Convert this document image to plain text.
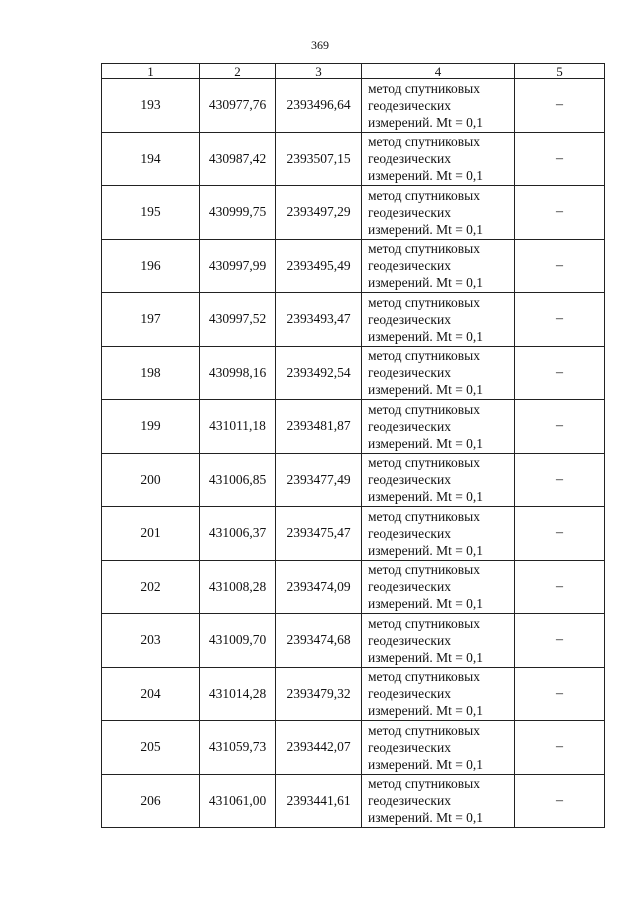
369
1	2	3	4	5
193	430977,76	2393496,64	метод спутниковых геодезических измерений. Mt = 0,1	–
194	430987,42	2393507,15	метод спутниковых геодезических измерений. Mt = 0,1	–
195	430999,75	2393497,29	метод спутниковых геодезических измерений. Mt = 0,1	–
196	430997,99	2393495,49	метод спутниковых геодезических измерений. Mt = 0,1	–
197	430997,52	2393493,47	метод спутниковых геодезических измерений. Mt = 0,1	–
198	430998,16	2393492,54	метод спутниковых геодезических измерений. Mt = 0,1	–
199	431011,18	2393481,87	метод спутниковых геодезических измерений. Mt = 0,1	–
200	431006,85	2393477,49	метод спутниковых геодезических измерений. Mt = 0,1	–
201	431006,37	2393475,47	метод спутниковых геодезических измерений. Mt = 0,1	–
202	431008,28	2393474,09	метод спутниковых геодезических измерений. Mt = 0,1	–
203	431009,70	2393474,68	метод спутниковых геодезических измерений. Mt = 0,1	–
204	431014,28	2393479,32	метод спутниковых геодезических измерений. Mt = 0,1	–
205	431059,73	2393442,07	метод спутниковых геодезических измерений. Mt = 0,1	–
206	431061,00	2393441,61	метод спутниковых геодезических измерений. Mt = 0,1	–
